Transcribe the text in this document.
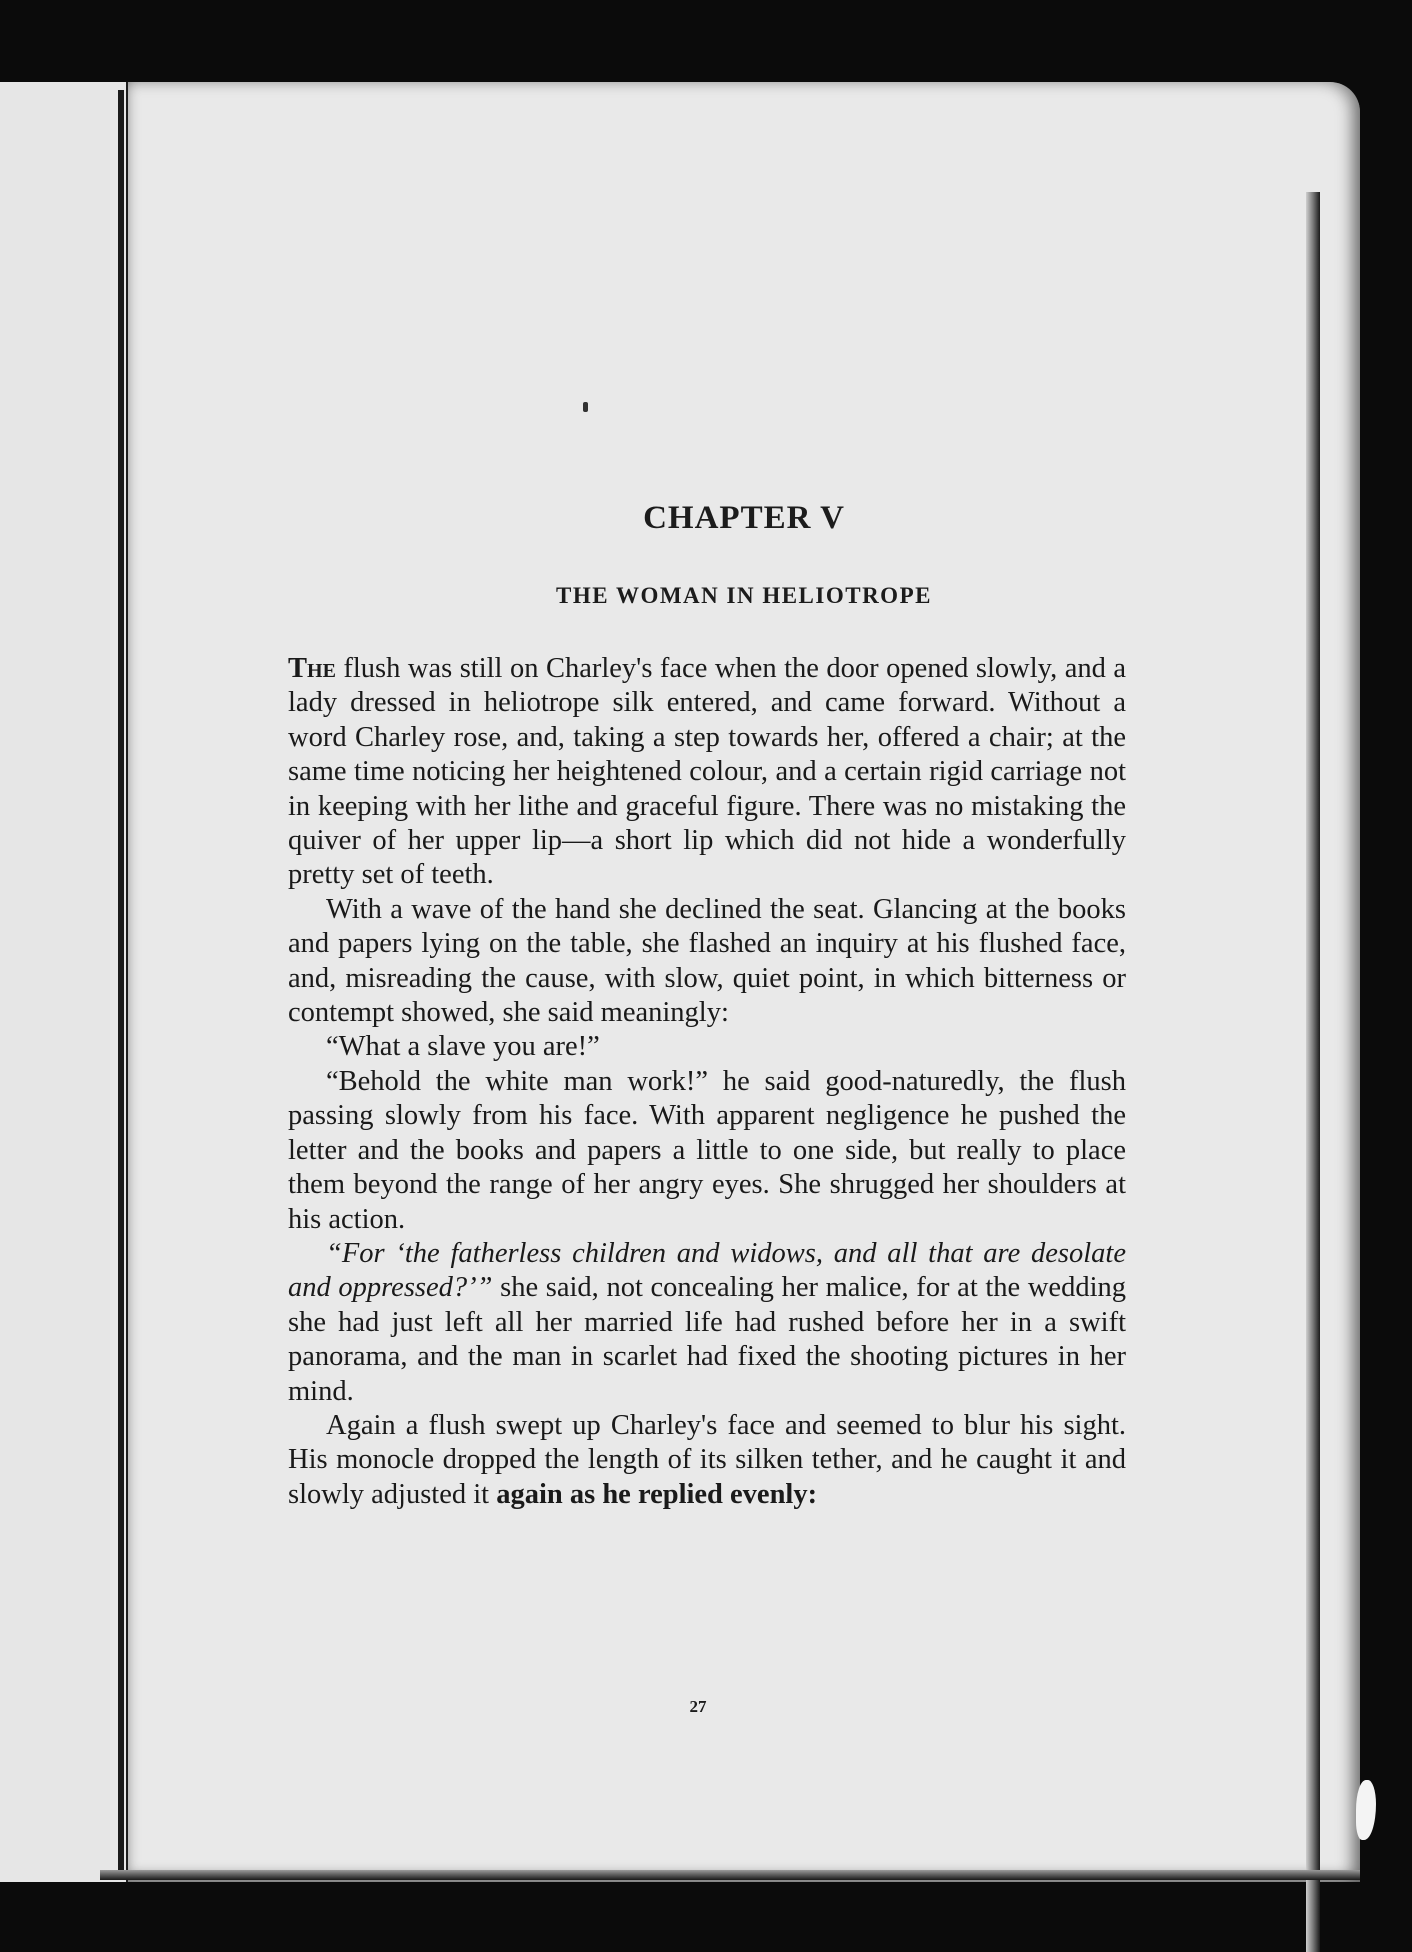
CHAPTER V
THE WOMAN IN HELIOTROPE

The flush was still on Charley's face when the door opened slowly, and a lady dressed in heliotrope silk entered, and came forward. Without a word Charley rose, and, taking a step towards her, offered a chair; at the same time noticing her heightened colour, and a certain rigid carriage not in keeping with her lithe and graceful figure. There was no mistaking the quiver of her upper lip—a short lip which did not hide a wonderfully pretty set of teeth.

With a wave of the hand she declined the seat. Glancing at the books and papers lying on the table, she flashed an inquiry at his flushed face, and, misreading the cause, with slow, quiet point, in which bitterness or contempt showed, she said meaningly:

“What a slave you are!”

“Behold the white man work!” he said good-naturedly, the flush passing slowly from his face. With apparent negligence he pushed the letter and the books and papers a little to one side, but really to place them beyond the range of her angry eyes. She shrugged her shoulders at his action.

“For ‘the fatherless children and widows, and all that are desolate and oppressed?’” she said, not concealing her malice, for at the wedding she had just left all her married life had rushed before her in a swift panorama, and the man in scarlet had fixed the shooting pictures in her mind.

Again a flush swept up Charley's face and seemed to blur his sight. His monocle dropped the length of its silken tether, and he caught it and slowly adjusted it again as he replied evenly:

27
